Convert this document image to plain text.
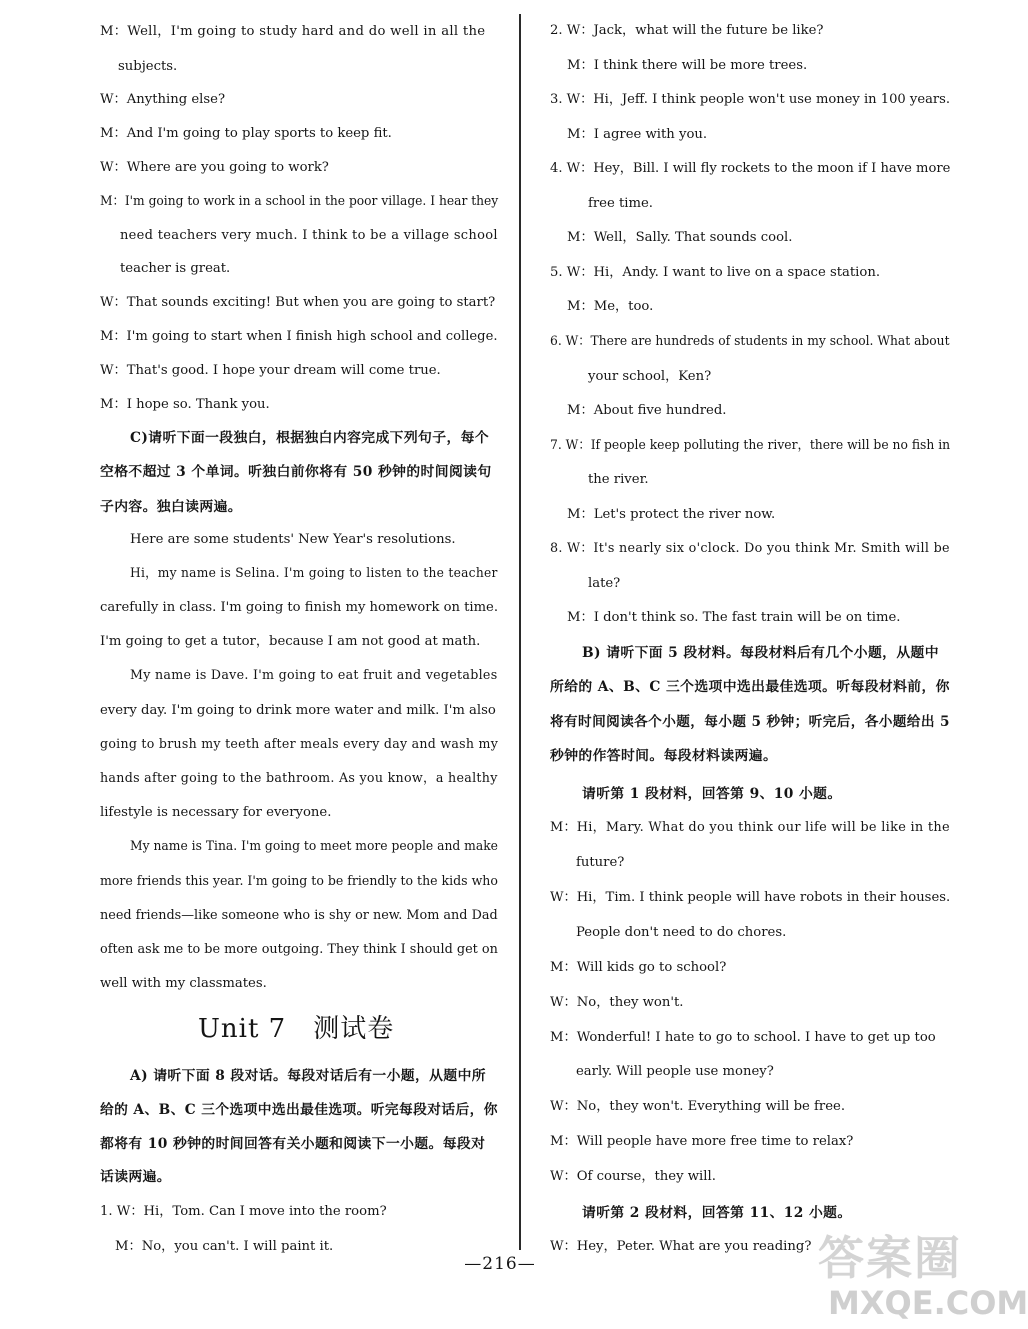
M：Well，I'm going to study hard and do well in all the
subjects.
W：Anything else?
M：And I'm going to play sports to keep fit.
W：Where are you going to work?
M：I'm going to work in a school in the poor village. I hear they
need teachers very much. I think to be a village school
teacher is great.
W：That sounds exciting! But when you are going to start?
M：I'm going to start when I finish high school and college.
W：That's good. I hope your dream will come true.
M：I hope so. Thank you.
C)请听下面一段独白，根据独白内容完成下列句子，每个
空格不超过 3 个单词。听独白前你将有 50 秒钟的时间阅读句
子内容。独白读两遍。
Here are some students' New Year's resolutions.
Hi，my name is Selina. I'm going to listen to the teacher
carefully in class. I'm going to finish my homework on time.
I'm going to get a tutor，because I am not good at math.
My name is Dave. I'm going to eat fruit and vegetables
every day. I'm going to drink more water and milk. I'm also
going to brush my teeth after meals every day and wash my
hands after going to the bathroom. As you know，a healthy
lifestyle is necessary for everyone.
My name is Tina. I'm going to meet more people and make
more friends this year. I'm going to be friendly to the kids who
need friends—like someone who is shy or new. Mom and Dad
often ask me to be more outgoing. They think I should get on
well with my classmates.
Unit 7　测试卷
A) 请听下面 8 段对话。每段对话后有一小题，从题中所
给的 A、B、C 三个选项中选出最佳选项。听完每段对话后，你
都将有 10 秒钟的时间回答有关小题和阅读下一小题。每段对
话读两遍。
1. W：Hi，Tom. Can I move into the room?
M：No，you can't. I will paint it.
2. W：Jack，what will the future be like?
M：I think there will be more trees.
3. W：Hi，Jeff. I think people won't use money in 100 years.
M：I agree with you.
4. W：Hey，Bill. I will fly rockets to the moon if I have more
free time.
M：Well，Sally. That sounds cool.
5. W：Hi，Andy. I want to live on a space station.
M：Me，too.
6. W：There are hundreds of students in my school. What about
your school，Ken?
M：About five hundred.
7. W：If people keep polluting the river，there will be no fish in
the river.
M：Let's protect the river now.
8. W：It's nearly six o'clock. Do you think Mr. Smith will be
late?
M：I don't think so. The fast train will be on time.
B) 请听下面 5 段材料。每段材料后有几个小题，从题中
所给的 A、B、C 三个选项中选出最佳选项。听每段材料前，你
将有时间阅读各个小题，每小题 5 秒钟；听完后，各小题给出 5
秒钟的作答时间。每段材料读两遍。
请听第 1 段材料，回答第 9、10 小题。
M：Hi，Mary. What do you think our life will be like in the
future?
W：Hi，Tim. I think people will have robots in their houses.
People don't need to do chores.
M：Will kids go to school?
W：No，they won't.
M：Wonderful! I hate to go to school. I have to get up too
early. Will people use money?
W：No，they won't. Everything will be free.
M：Will people have more free time to relax?
W：Of course，they will.
请听第 2 段材料，回答第 11、12 小题。
W：Hey，Peter. What are you reading?
—216—	答案圈
MXQE.COM
